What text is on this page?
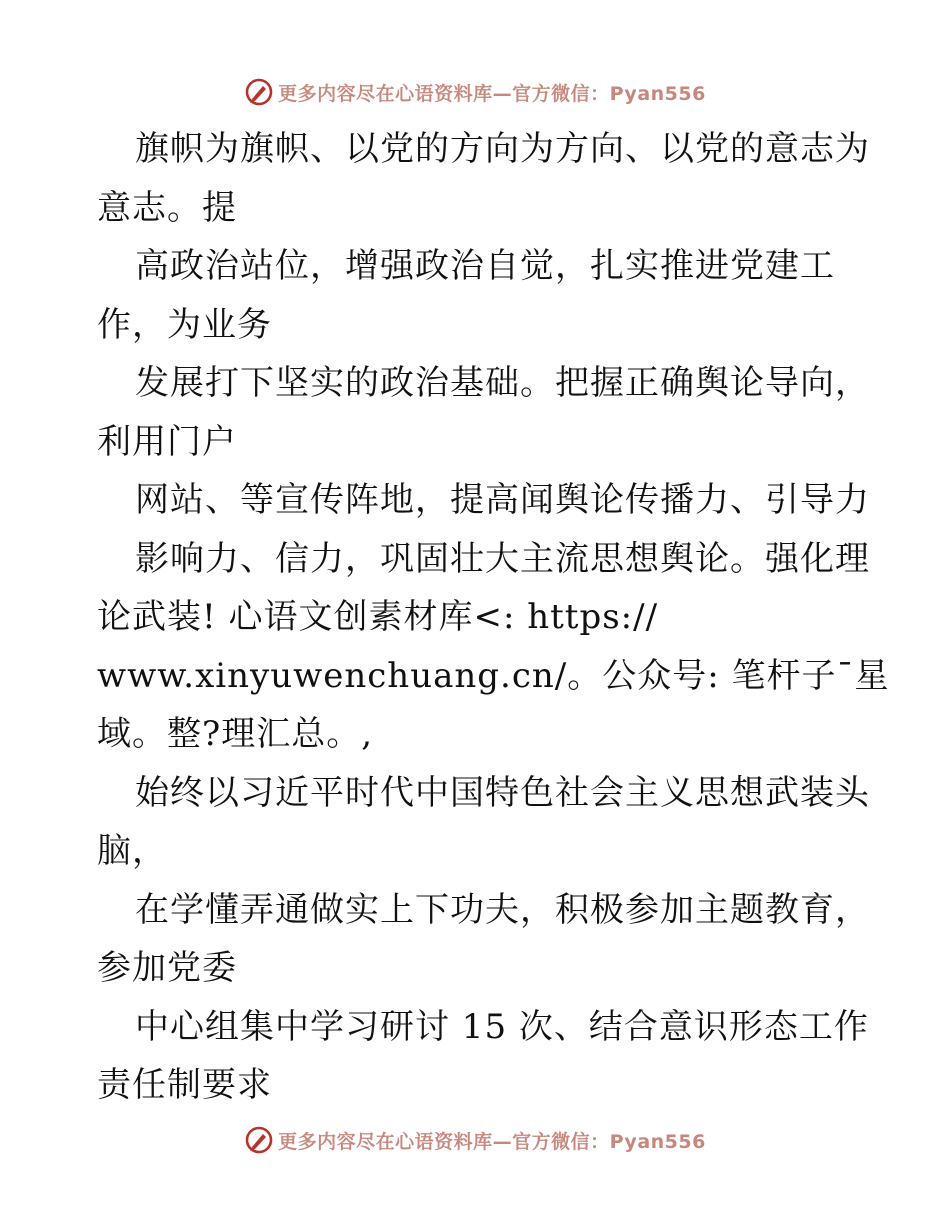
更多内容尽在心语资料库—官方微信：Pyan556
旗帜为旗帜、以党的方向为方向、以党的意志为
意志。提
高政治站位，增强政治自觉，扎实推进党建工
作，为业务
发展打下坚实的政治基础。把握正确舆论导向，
利用门户
网站、等宣传阵地，提高闻舆论传播力、引导力
影响力、信力，巩固壮大主流思想舆论。强化理
论武装! 心语文创素材库<: https://
www.xinyuwenchuang.cn/。公众号: 笔杆子¯星
域。整?理汇总。,
始终以习近平时代中国特色社会主义思想武装头
脑，
在学懂弄通做实上下功夫，积极参加主题教育，
参加党委
中心组集中学习研讨 15 次、结合意识形态工作
责任制要求
更多内容尽在心语资料库—官方微信：Pyan556
